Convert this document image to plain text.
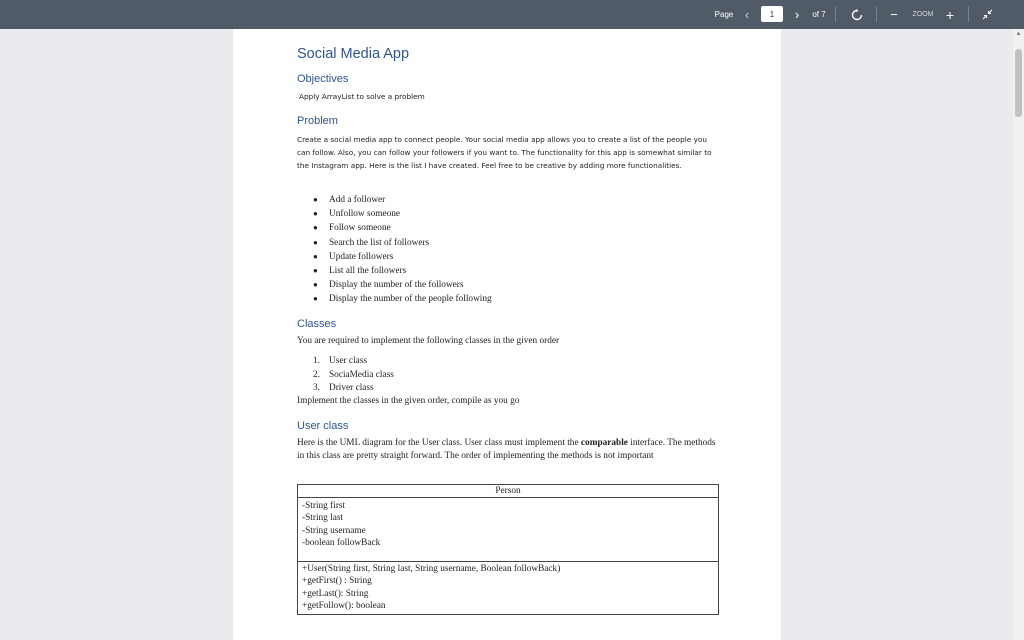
Page ‹	1	›	of 7	−	ZOOM +
Social Media App
Objectives
Apply ArrayList to solve a problem
Problem
Create a social media app to connect people. Your social media app allows you to create a list of the people you can follow. Also, you can follow your followers if you want to. The functionality for this app is somewhat similar to the Instagram app. Here is the list I have created. Feel free to be creative by adding more functionalities.
●	Add a follower
●	Unfollow someone
●	Follow someone
●	Search the list of followers
●	Update followers
●	List all the followers
●	Display the number of the followers
●	Display the number of the people following
Classes
You are required to implement the following classes in the given order
1. User class
2. SociaMedia class
3. Driver class
Implement the classes in the given order, compile as you go
User class
Here is the UML diagram for the User class. User class must implement the comparable interface. The methods in this class are pretty straight forward. The order of implementing the methods is not important
Person
-String first
-String last
-String username
-boolean followBack
+User(String first, String last, String username, Boolean followBack)
+getFirst() : String
+getLast(): String
+getFollow(): boolean
▲
